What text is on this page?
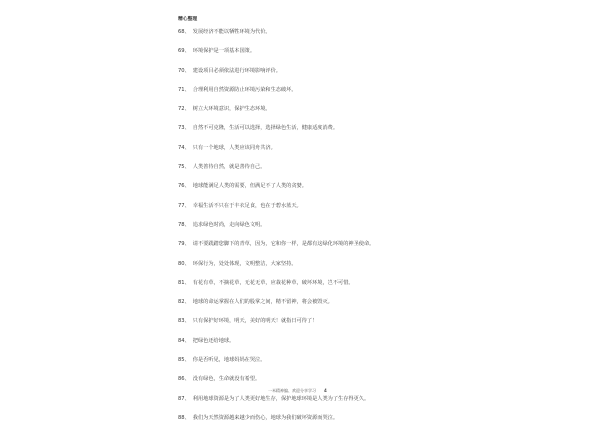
精心整理
68、 发展经济不能以牺牲环境为代价。
69、 环境保护是一项基本国策。
70、 建设项目必须依法进行环境影响评价。
71、 合理利用自然资源防止环境污染和生态破坏。
72、 树立大环境意识，保护生态环境。
73、 自然不可克隆，生活可以选择，选择绿色生活，健康适度消费。
74、 只有一个地球，人类应该同舟共济。
75、 人类善待自然，就是善待自己。
76、 地球能满足人类的需要，但满足不了人类的贪婪。
77、 幸福生活不只在于丰衣足食，也在于碧水蓝天。
78、 追求绿色时尚，走向绿色文明。
79、 请不要践踏您脚下的青草，因为，它和你一样，是都有这绿化环境的神圣使命。
80、 环保行为，处处体现，文明整洁，大家坚持。
81、 有花有草，不摘花草，无花无草，应栽花种草，破坏环境，岂不可惜。
82、 地球的命运掌握在人们的股掌之间，精不留神，将会被毁灭。
83、 只有保护好环境，明天，美好的明天！就指日可待了！
84、 把绿色还给地球。
85、 你是否听见，地球妈妈在哭泣。
86、 没有绿色，生命就没有希望。
87、 利用地球资源是为了人类更好地生存，保护地球环境是人类为了生存得更久。
88、 我们为天然资源越来越少而伤心，地球为我们破坏资源而哭泣。
一米精神编、欢迎分享学习 4
